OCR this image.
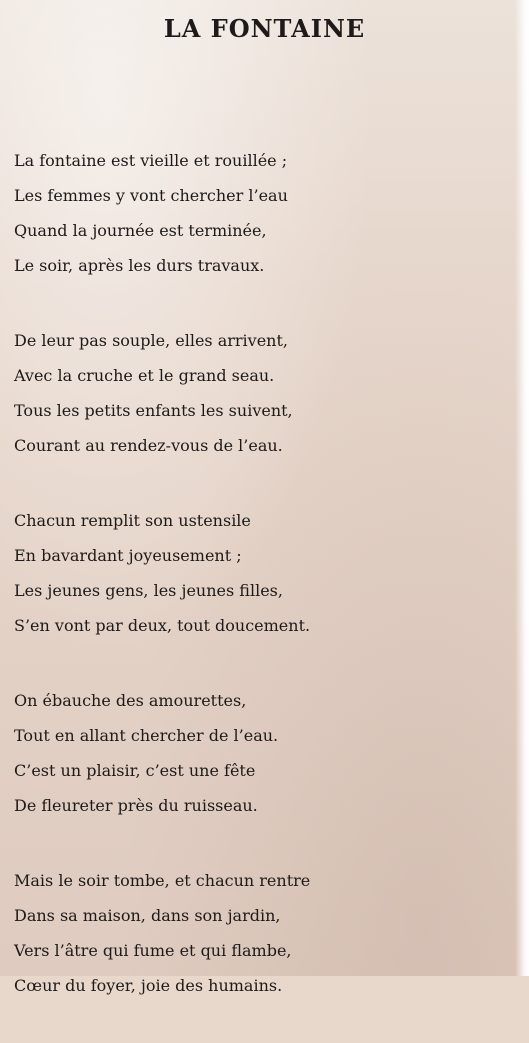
LA FONTAINE
La fontaine est vieille et rouillée ;
Les femmes y vont chercher l’eau
Quand la journée est terminée,
Le soir, après les durs travaux.
De leur pas souple, elles arrivent,
Avec la cruche et le grand seau.
Tous les petits enfants les suivent,
Courant au rendez-vous de l’eau.
Chacun remplit son ustensile
En bavardant joyeusement ;
Les jeunes gens, les jeunes filles,
S’en vont par deux, tout doucement.
On ébauche des amourettes,
Tout en allant chercher de l’eau.
C’est un plaisir, c’est une fête
De fleureter près du ruisseau.
Mais le soir tombe, et chacun rentre
Dans sa maison, dans son jardin,
Vers l’âtre qui fume et qui flambe,
Cœur du foyer, joie des humains.
